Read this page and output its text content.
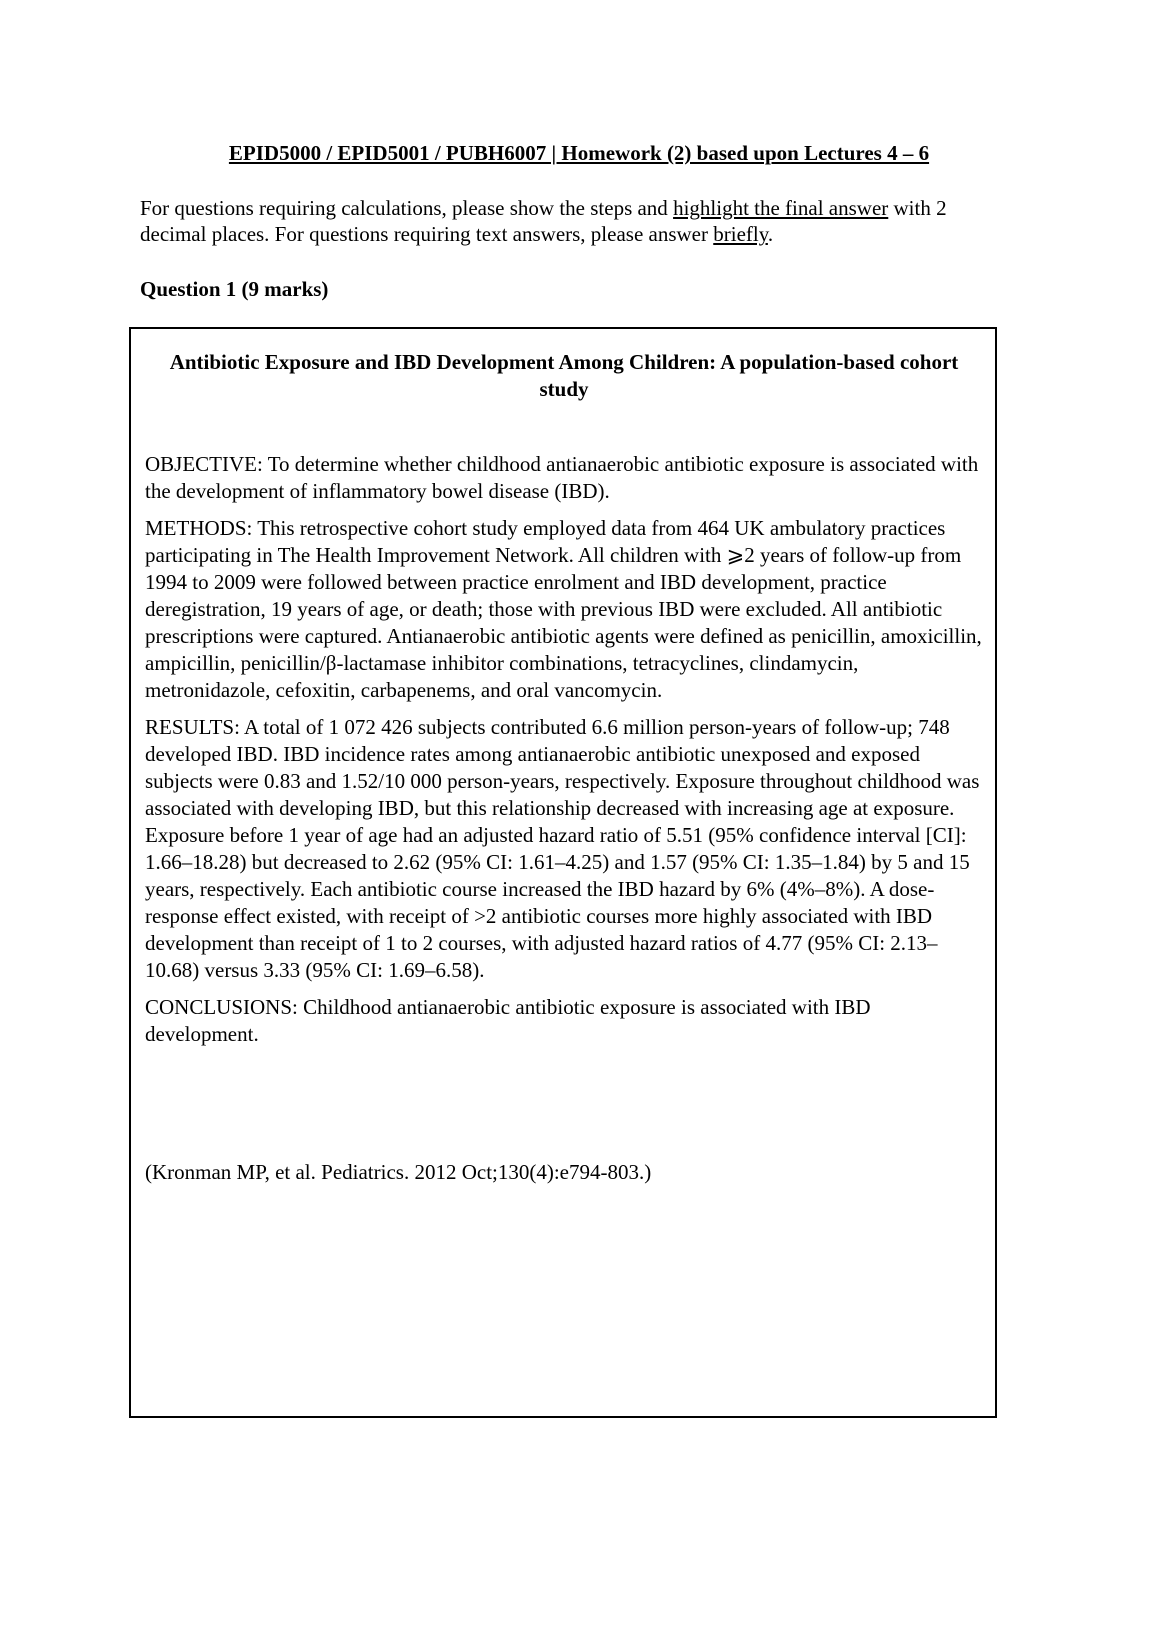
EPID5000 / EPID5001 / PUBH6007 | Homework (2) based upon Lectures 4 – 6
For questions requiring calculations, please show the steps and highlight the final answer with 2 decimal places. For questions requiring text answers, please answer briefly.
Question 1 (9 marks)
Antibiotic Exposure and IBD Development Among Children: A population-based cohort study

OBJECTIVE: To determine whether childhood antianaerobic antibiotic exposure is associated with the development of inflammatory bowel disease (IBD).

METHODS: This retrospective cohort study employed data from 464 UK ambulatory practices participating in The Health Improvement Network. All children with ⩾2 years of follow-up from 1994 to 2009 were followed between practice enrolment and IBD development, practice deregistration, 19 years of age, or death; those with previous IBD were excluded. All antibiotic prescriptions were captured. Antianaerobic antibiotic agents were defined as penicillin, amoxicillin, ampicillin, penicillin/β-lactamase inhibitor combinations, tetracyclines, clindamycin, metronidazole, cefoxitin, carbapenems, and oral vancomycin.

RESULTS: A total of 1 072 426 subjects contributed 6.6 million person-years of follow-up; 748 developed IBD. IBD incidence rates among antianaerobic antibiotic unexposed and exposed subjects were 0.83 and 1.52/10 000 person-years, respectively. Exposure throughout childhood was associated with developing IBD, but this relationship decreased with increasing age at exposure. Exposure before 1 year of age had an adjusted hazard ratio of 5.51 (95% confidence interval [CI]: 1.66–18.28) but decreased to 2.62 (95% CI: 1.61–4.25) and 1.57 (95% CI: 1.35–1.84) by 5 and 15 years, respectively. Each antibiotic course increased the IBD hazard by 6% (4%–8%). A dose-response effect existed, with receipt of >2 antibiotic courses more highly associated with IBD development than receipt of 1 to 2 courses, with adjusted hazard ratios of 4.77 (95% CI: 2.13–10.68) versus 3.33 (95% CI: 1.69–6.58).

CONCLUSIONS: Childhood antianaerobic antibiotic exposure is associated with IBD development.

(Kronman MP, et al. Pediatrics. 2012 Oct;130(4):e794-803.)
